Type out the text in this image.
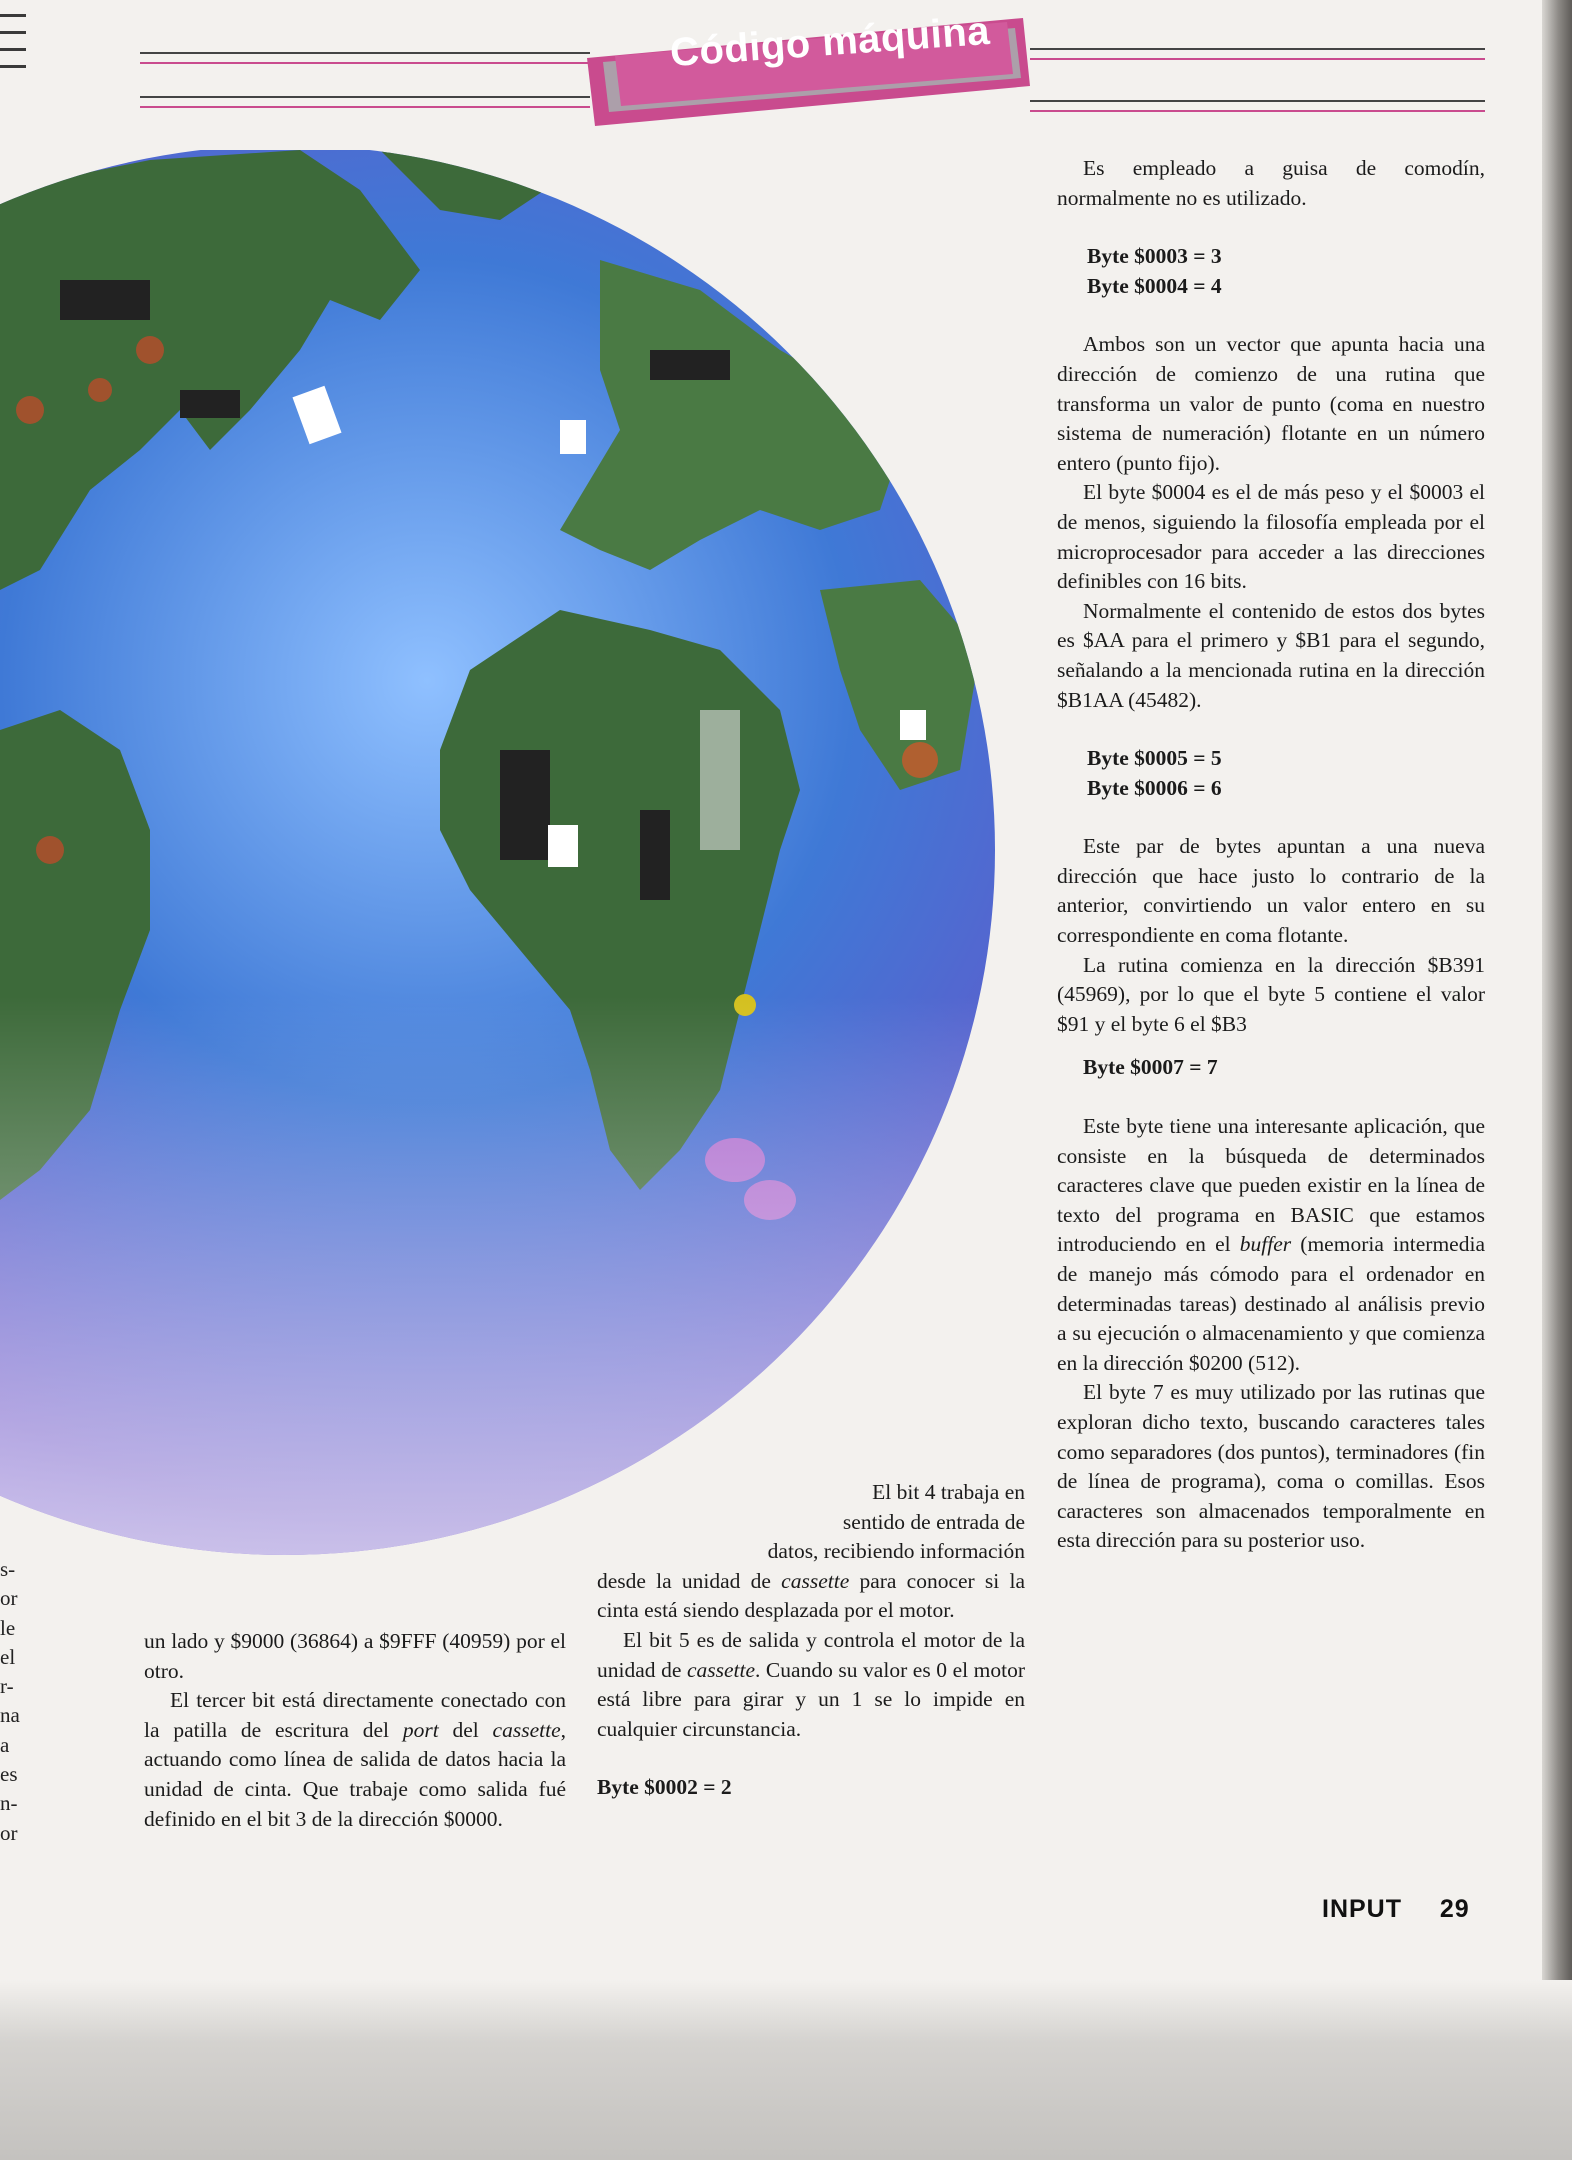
Código máquina
s-
or
le
el
r-
na
a
es
n-
or

un lado y $9000 (36864) a $9FFF (40959) por el otro.

El tercer bit está directamente conectado con la patilla de escritura del port del cassette, actuando como línea de salida de datos hacia la unidad de cinta. Que trabaje como salida fué definido en el bit 3 de la dirección $0000.

El bit 4 trabaja en

sentido de entrada de

datos, recibiendo información

desde la unidad de cassette para conocer si la cinta está siendo desplazada por el motor.

El bit 5 es de salida y controla el motor de la unidad de cassette. Cuando su valor es 0 el motor está libre para girar y un 1 se lo impide en cualquier circunstancia.

Byte $0002 = 2

Es empleado a guisa de comodín, normalmente no es utilizado.

Byte $0003 = 3

Byte $0004 = 4

Ambos son un vector que apunta hacia una dirección de comienzo de una rutina que transforma un valor de punto (coma en nuestro sistema de numeración) flotante en un número entero (punto fijo).

El byte $0004 es el de más peso y el $0003 el de menos, siguiendo la filosofía empleada por el microprocesador para acceder a las direcciones definibles con 16 bits.

Normalmente el contenido de estos dos bytes es $AA para el primero y $B1 para el segundo, señalando a la mencionada rutina en la dirección $B1AA (45482).

Byte $0005 = 5

Byte $0006 = 6

Este par de bytes apuntan a una nueva dirección que hace justo lo contrario de la anterior, convirtiendo un valor entero en su correspondiente en coma flotante.

La rutina comienza en la dirección $B391 (45969), por lo que el byte 5 contiene el valor $91 y el byte 6 el $B3

Byte $0007 = 7

Este byte tiene una interesante aplicación, que consiste en la búsqueda de determinados caracteres clave que pueden existir en la línea de texto del programa en BASIC que estamos introduciendo en el buffer (memoria intermedia de manejo más cómodo para el ordenador en determinadas tareas) destinado al análisis previo a su ejecución o almacenamiento y que comienza en la dirección $0200 (512).

El byte 7 es muy utilizado por las rutinas que exploran dicho texto, buscando caracteres tales como separadores (dos puntos), terminadores (fin de línea de programa), coma o comillas. Esos caracteres son almacenados temporalmente en esta dirección para su posterior uso.

INPUT 29
